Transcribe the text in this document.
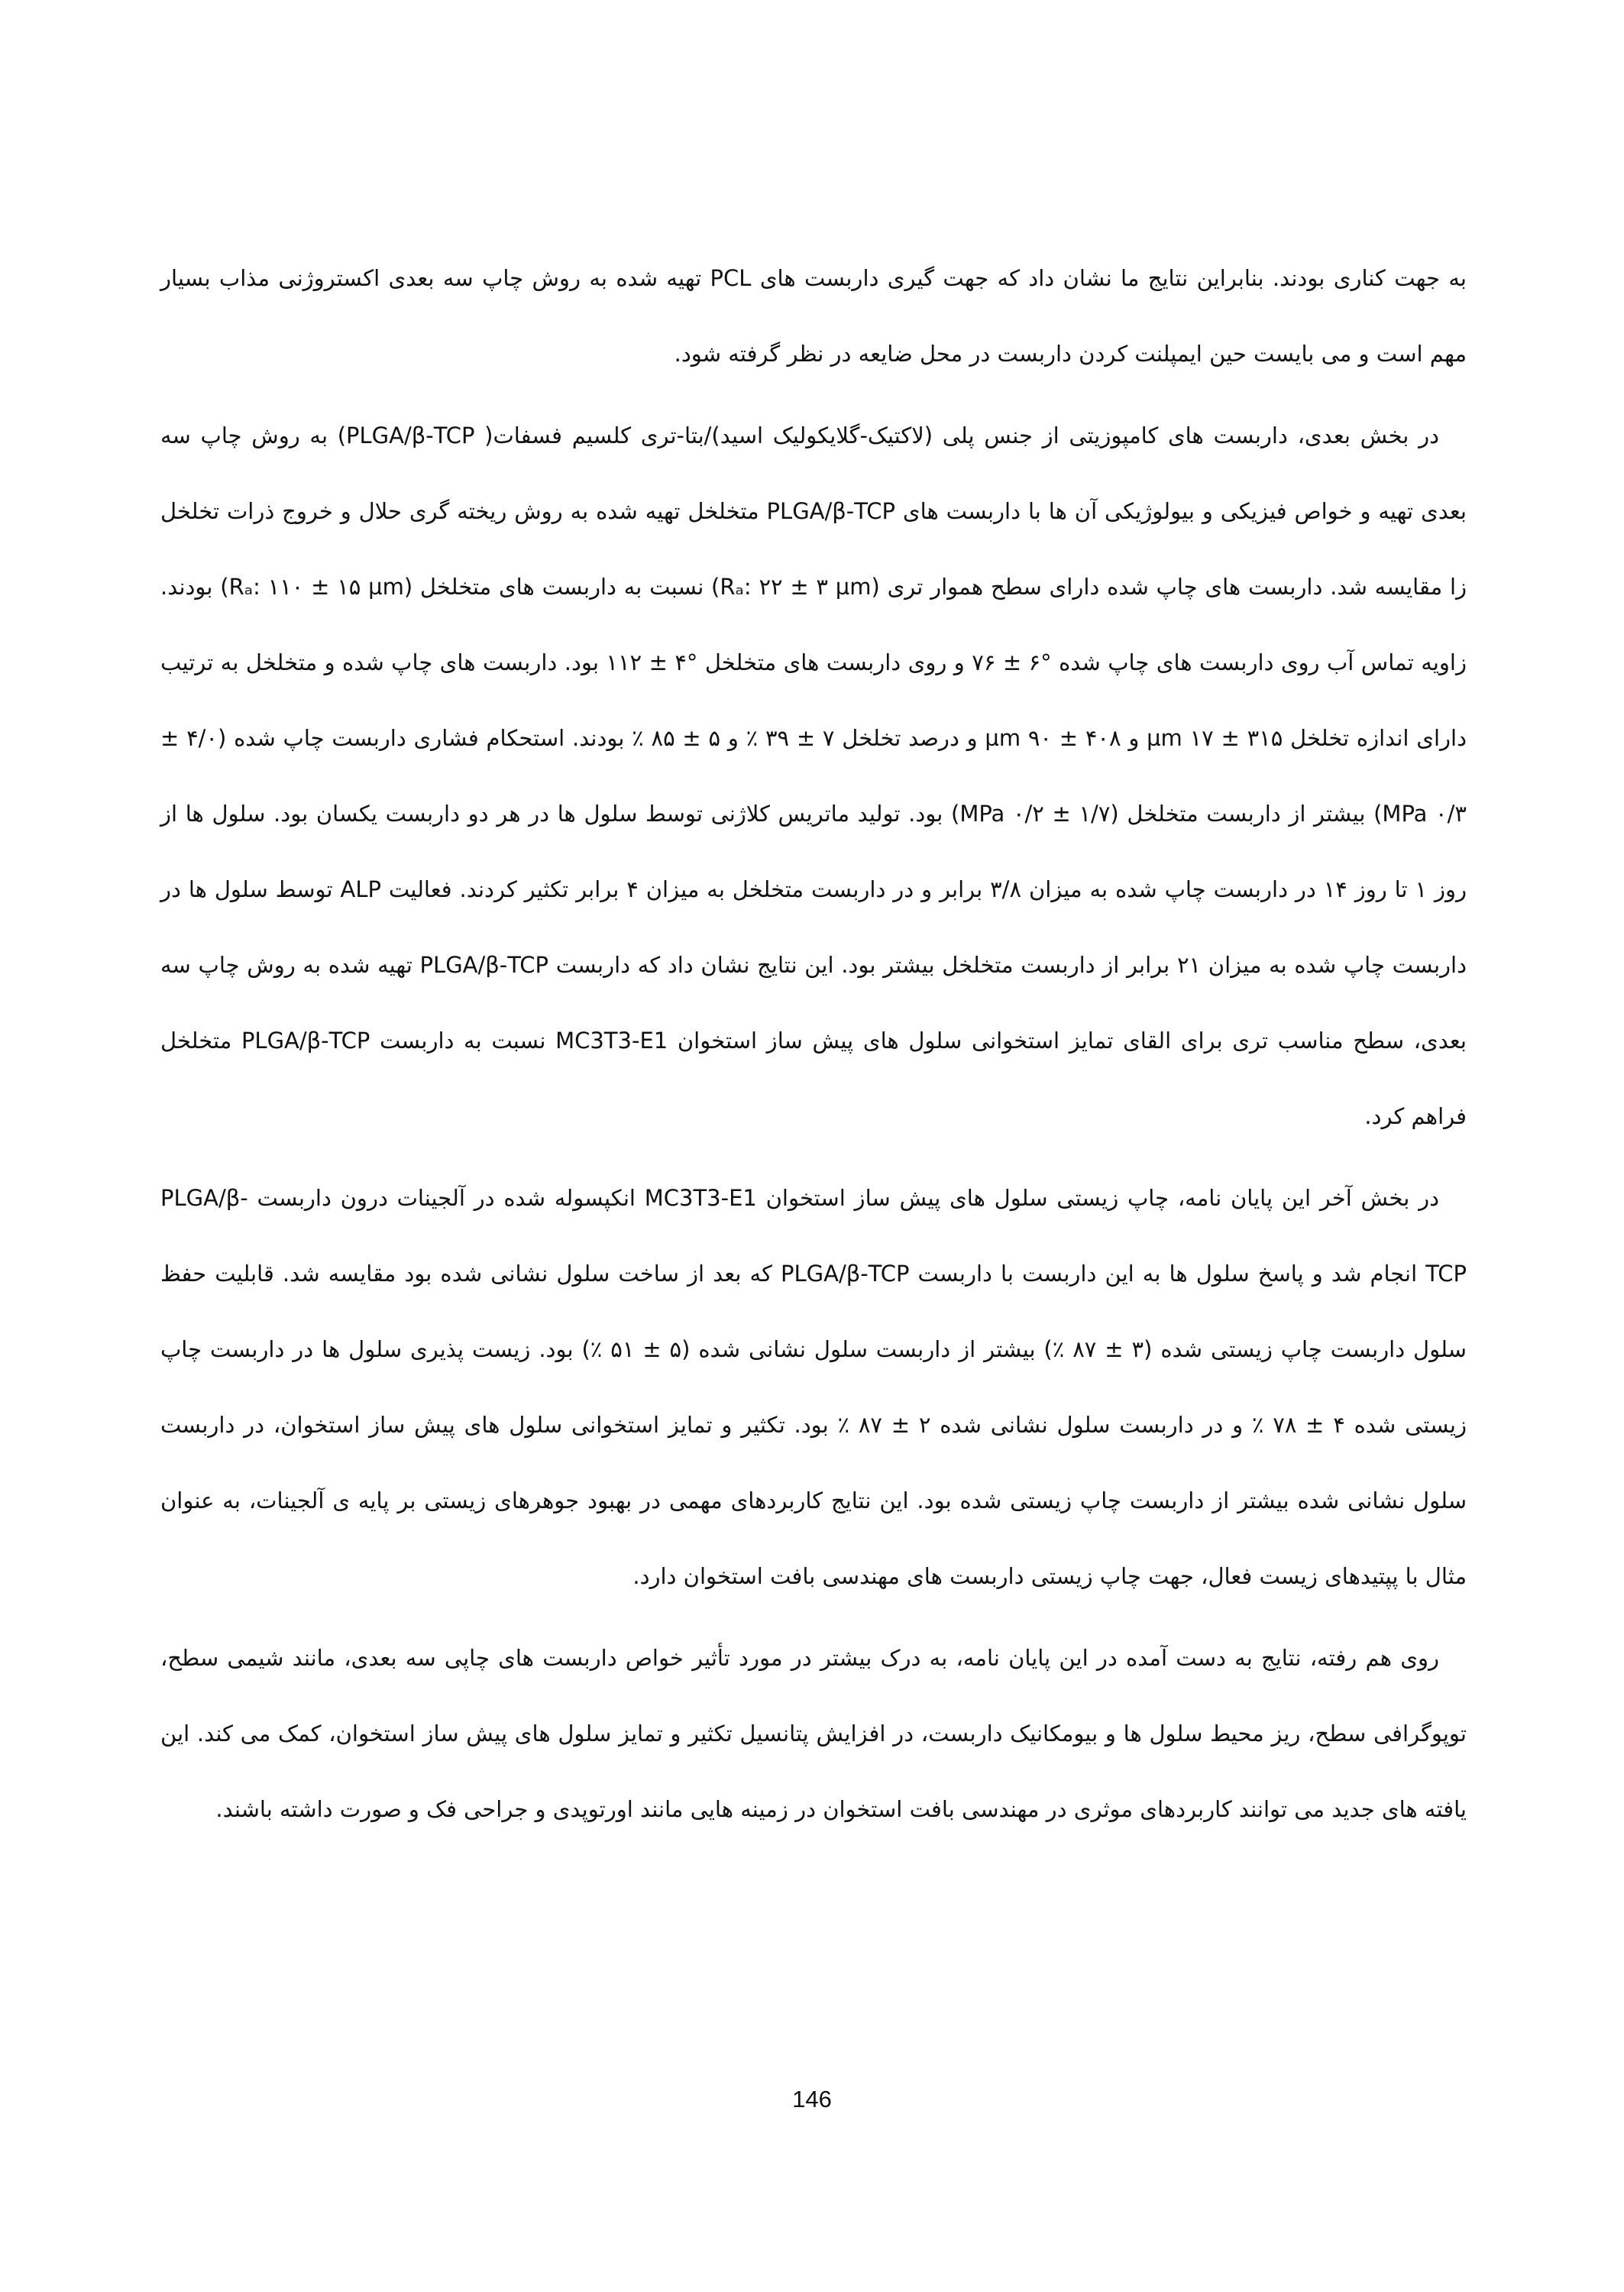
به جهت کناری بودند. بنابراین نتایج ما نشان داد که جهت گیری داربست های PCL تهیه شده به روش چاپ سه بعدی اکستروژنی مذاب بسیار مهم است و می بایست حین ایمپلنت کردن داربست در محل ضایعه در نظر گرفته شود.

در بخش بعدی، داربست های کامپوزیتی از جنس پلی (لاکتیک-گلایکولیک اسید)/بتا-تری کلسیم فسفات( PLGA/β-TCP) به روش چاپ سه بعدی تهیه و خواص فیزیکی و بیولوژیکی آن ها با داربست های PLGA/β-TCP متخلخل تهیه شده به روش ریخته گری حلال و خروج ذرات تخلخل زا مقایسه شد. داربست های چاپ شده دارای سطح هموار تری (Rₐ: ۲۲ ± ۳ µm) نسبت به داربست های متخلخل (Rₐ: ۱۱۰ ± ۱۵ µm) بودند. زاویه تماس آب روی داربست های چاپ شده °۶ ± ۷۶ و روی داربست های متخلخل °۴ ± ۱۱۲ بود. داربست های چاپ شده و متخلخل به ترتیب دارای اندازه تخلخل ۳۱۵ ± ۱۷ µm و ۴۰۸ ± ۹۰ µm و درصد تخلخل ۷ ± ۳۹ ٪ و ۵ ± ۸۵ ٪ بودند. استحکام فشاری داربست چاپ شده (۴/۰ ± ۰/۳ MPa) بیشتر از داربست متخلخل (۱/۷ ± ۰/۲ MPa) بود. تولید ماتریس کلاژنی توسط سلول ها در هر دو داربست یکسان بود. سلول ها از روز ۱ تا روز ۱۴ در داربست چاپ شده به میزان ۳/۸ برابر و در داربست متخلخل به میزان ۴ برابر تکثیر کردند. فعالیت ALP توسط سلول ها در داربست چاپ شده به میزان ۲۱ برابر از داربست متخلخل بیشتر بود. این نتایج نشان داد که داربست PLGA/β-TCP تهیه شده به روش چاپ سه بعدی، سطح مناسب تری برای القای تمایز استخوانی سلول های پیش ساز استخوان MC3T3-E1 نسبت به داربست PLGA/β-TCP متخلخل فراهم کرد.

در بخش آخر این پایان نامه، چاپ زیستی سلول های پیش ساز استخوان MC3T3-E1 انکپسوله شده در آلجینات درون داربست PLGA/β-TCP انجام شد و پاسخ سلول ها به این داربست با داربست PLGA/β-TCP که بعد از ساخت سلول نشانی شده بود مقایسه شد. قابلیت حفظ سلول داربست چاپ زیستی شده (۳ ± ۸۷ ٪) بیشتر از داربست سلول نشانی شده (۵ ± ۵۱ ٪) بود. زیست پذیری سلول ها در داربست چاپ زیستی شده ۴ ± ۷۸ ٪ و در داربست سلول نشانی شده ۲ ± ۸۷ ٪ بود. تکثیر و تمایز استخوانی سلول های پیش ساز استخوان، در داربست سلول نشانی شده بیشتر از داربست چاپ زیستی شده بود. این نتایج کاربردهای مهمی در بهبود جوهرهای زیستی بر پایه ی آلجینات، به عنوان مثال با پپتیدهای زیست فعال، جهت چاپ زیستی داربست های مهندسی بافت استخوان دارد.

روی هم رفته، نتایج به دست آمده در این پایان نامه، به درک بیشتر در مورد تأثیر خواص داربست های چاپی سه بعدی، مانند شیمی سطح، توپوگرافی سطح، ریز محیط سلول ها و بیومکانیک داربست، در افزایش پتانسیل تکثیر و تمایز سلول های پیش ساز استخوان، کمک می کند. این یافته های جدید می توانند کاربردهای موثری در مهندسی بافت استخوان در زمینه هایی مانند اورتوپدی و جراحی فک و صورت داشته باشند.

146
